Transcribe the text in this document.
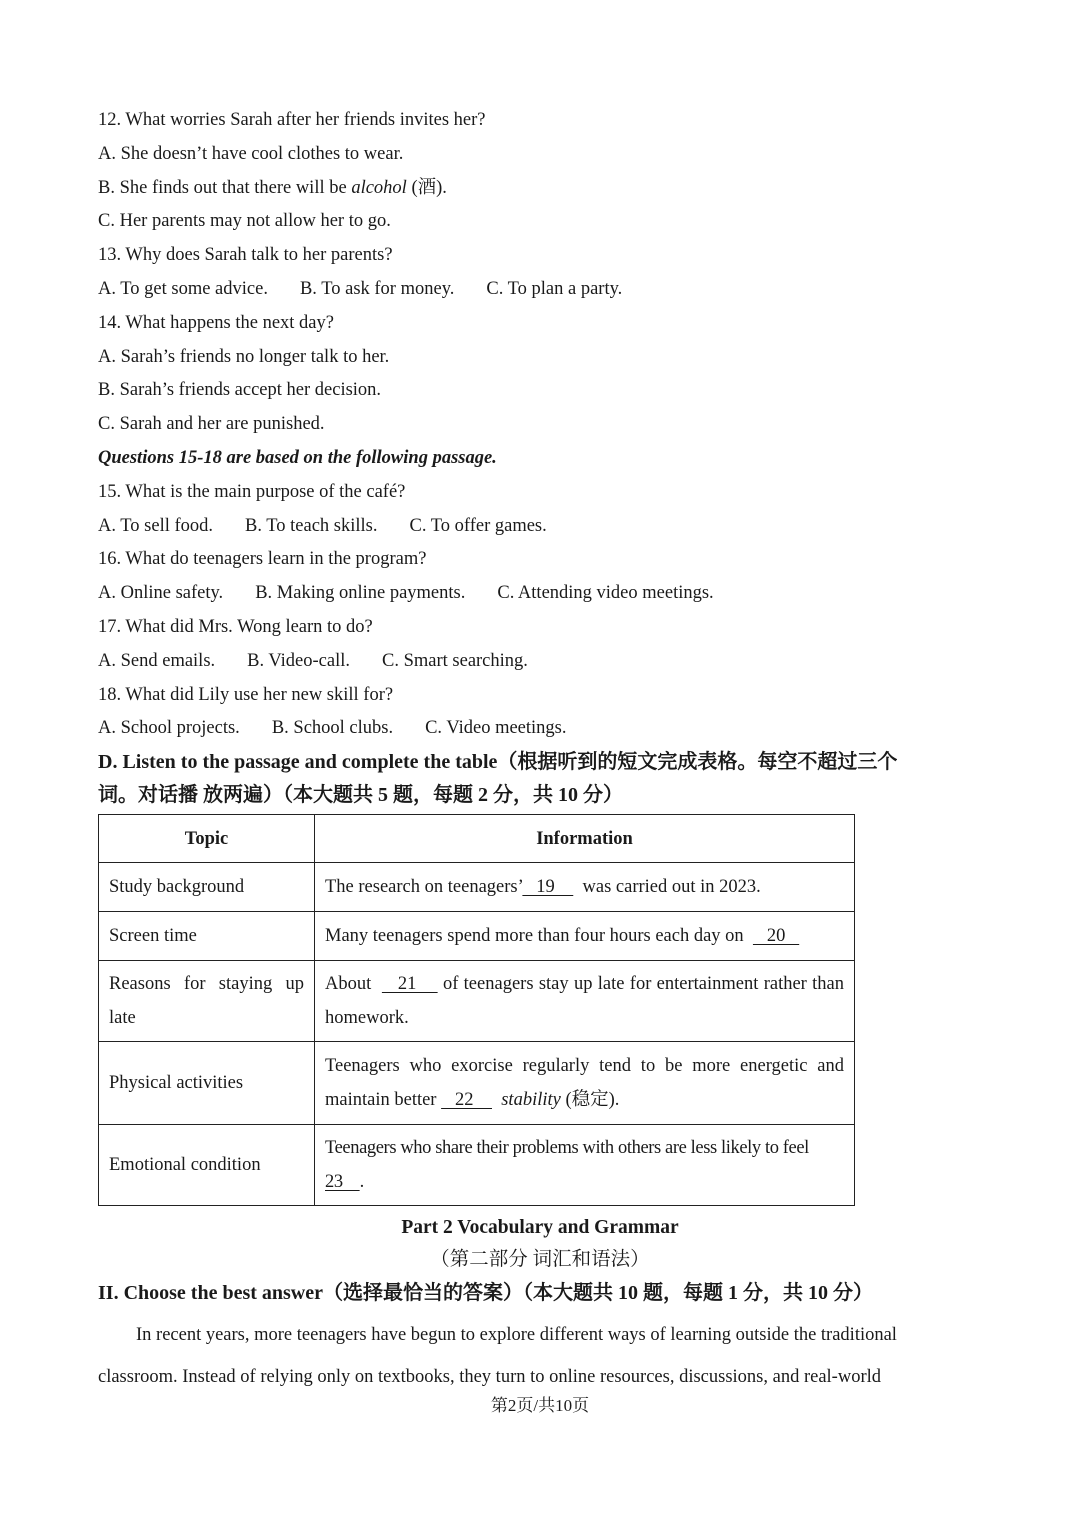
12. What worries Sarah after her friends invites her?
A. She doesn’t have cool clothes to wear.
B. She finds out that there will be alcohol (酒).
C. Her parents may not allow her to go.
13. Why does Sarah talk to her parents?
A. To get some advice. B. To ask for money. C. To plan a party.
14. What happens the next day?
A. Sarah’s friends no longer talk to her.
B. Sarah’s friends accept her decision.
C. Sarah and her are punished.
Questions 15-18 are based on the following passage.
15. What is the main purpose of the café?
A. To sell food. B. To teach skills. C. To offer games.
16. What do teenagers learn in the program?
A. Online safety. B. Making online payments. C. Attending video meetings.
17. What did Mrs. Wong learn to do?
A. Send emails. B. Video-call. C. Smart searching.
18. What did Lily use her new skill for?
A. School projects. B. School clubs. C. Video meetings.
D. Listen to the passage and complete the table（根据听到的短文完成表格。每空不超过三个
词。对话播 放两遍）（本大题共 5 题，每题 2 分，共 10 分）
Topic	Information
Study background	The research on teenagers’   19      was carried out in 2023.
Screen time	Many teenagers spend more than four hours each day on     20
Reasons for staying up late	About     21     of teenagers stay up late for entertainment rather than homework.
Physical activities	Teenagers who exorcise regularly tend to be more energetic and maintain better    22      stability (稳定).
Emotional condition	Teenagers who share their problems with others are less likely to feel 23    .
Part 2 Vocabulary and Grammar
（第二部分 词汇和语法）
II. Choose the best answer（选择最恰当的答案）（本大题共 10 题，每题 1 分，共 10 分）
In recent years, more teenagers have begun to explore different ways of learning outside the traditional
classroom. Instead of relying only on textbooks, they turn to online resources, discussions, and real-world
第2页/共10页
